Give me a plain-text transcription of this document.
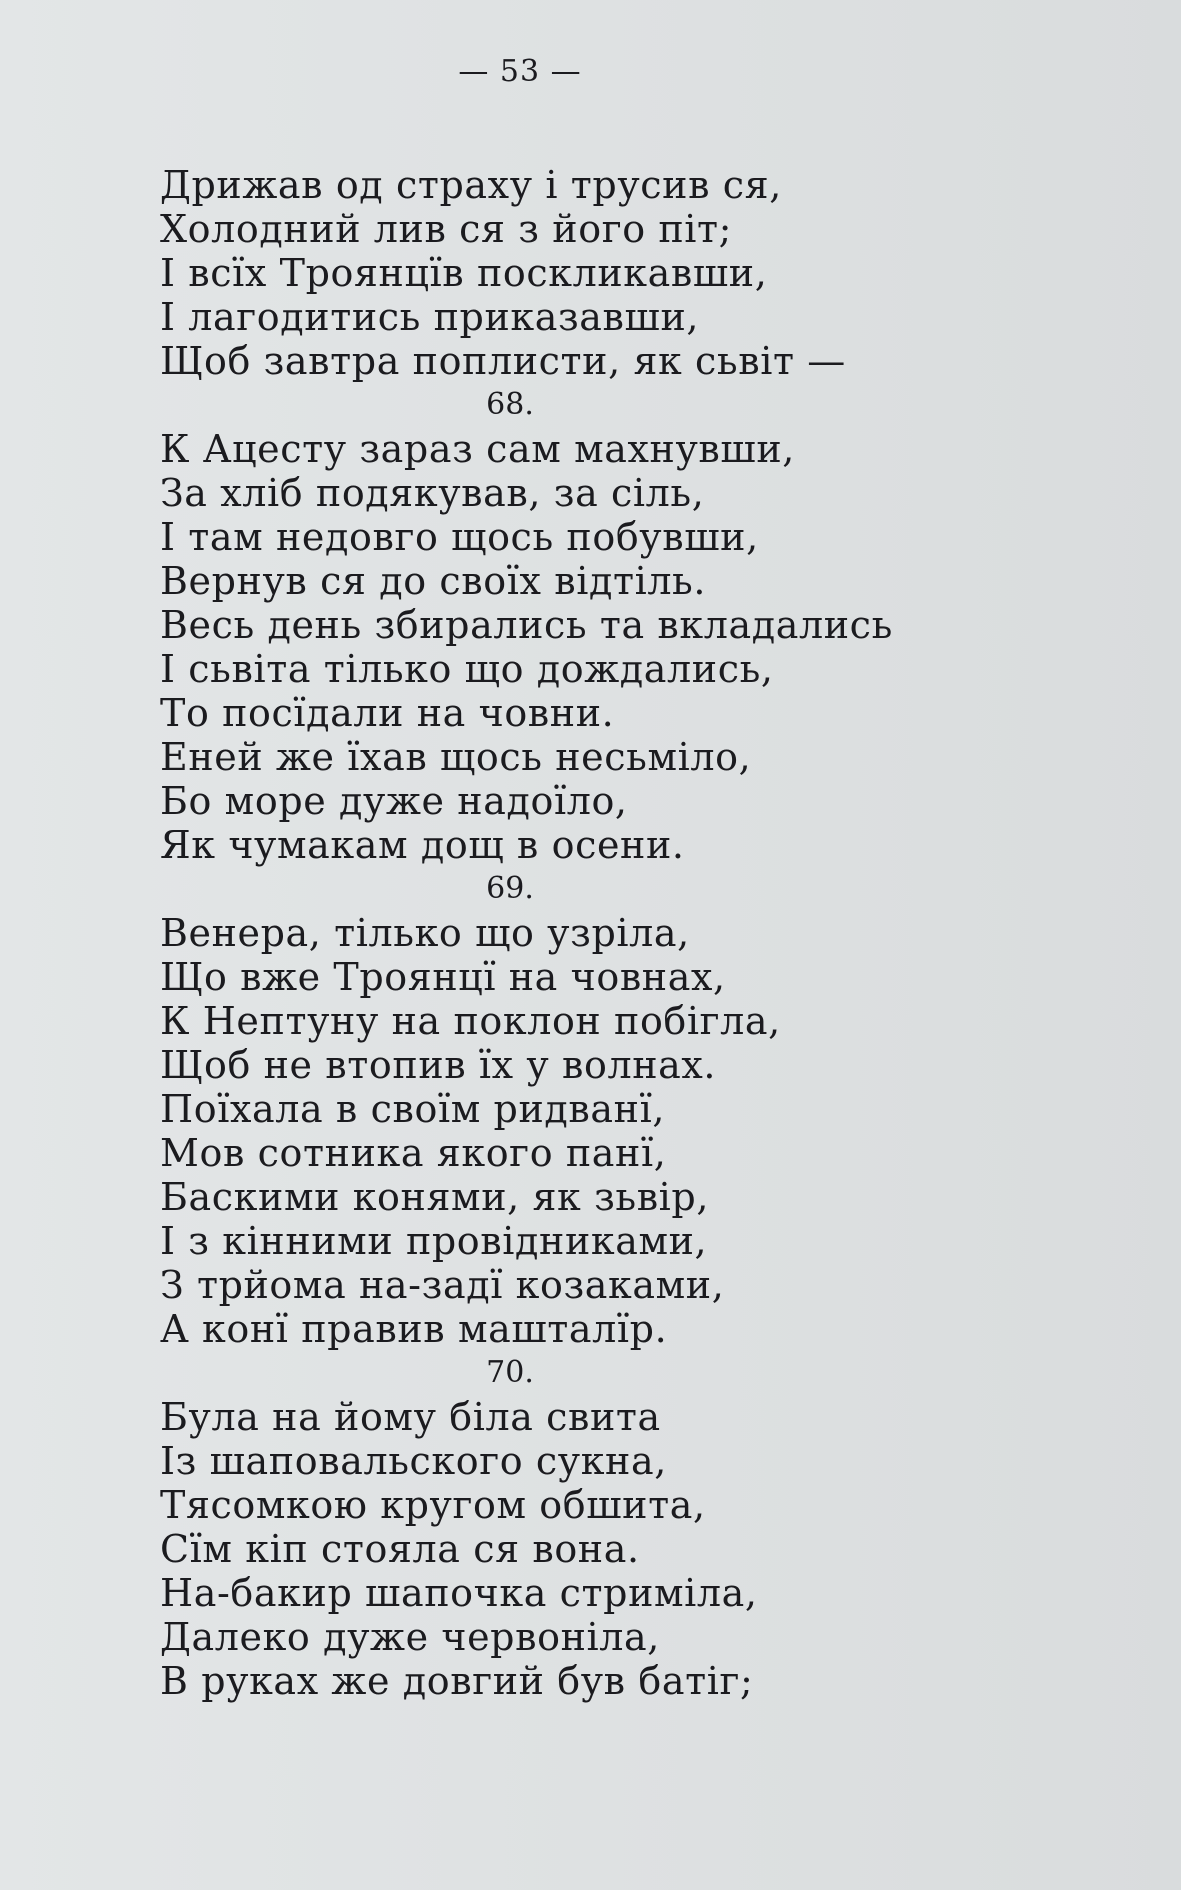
— 53 —
Дрижав од страху і трусив ся,
Холодний лив ся з його піт;
І всїх Троянцїв поскликавши,
І лагодитись приказавши,
Щоб завтра поплисти, як сьвіт —
68.
К Ацесту зараз сам махнувши,
За хліб подякував, за сіль,
І там недовго щось побувши,
Вернув ся до своїх відтіль.
Весь день збирались та вкладались
І сьвіта тілько що дождались,
То посїдали на човни.
Еней же їхав щось несьміло,
Бо море дуже надоїло,
Як чумакам дощ в осени.
69.
Венера, тілько що узріла,
Що вже Троянцї на човнах,
К Нептуну на поклон побігла,
Щоб не втопив їх у волнах.
Поїхала в своїм ридванї,
Мов сотника якого панї,
Баскими конями, як зьвір,
І з кінними провідниками,
З трйома на-задї козаками,
А конї правив машталїр.
70.
Була на йому біла свита
Із шаповальского сукна,
Тясомкою кругом обшита,
Сїм кіп стояла ся вона.
На-бакир шапочка стриміла,
Далеко дуже червоніла,
В руках же довгий був батіг;
